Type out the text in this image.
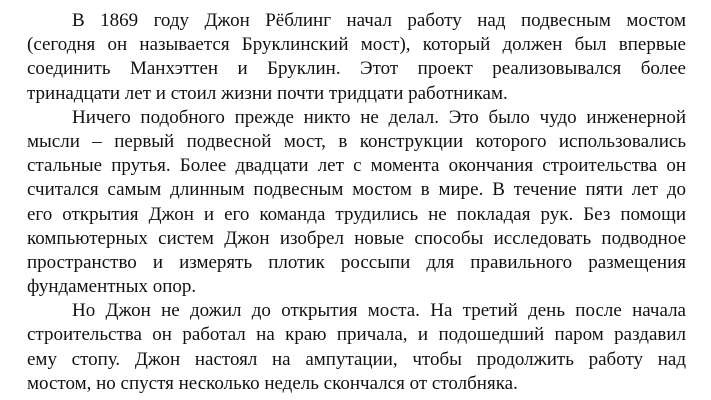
В 1869 году Джон Рёблинг начал работу над подвесным мостом
(сегодня он называется Бруклинский мост), который должен был впервые
соединить Манхэттен и Бруклин. Этот проект реализовывался более
тринадцати лет и стоил жизни почти тридцати работникам.
Ничего подобного прежде никто не делал. Это было чудо инженерной
мысли – первый подвесной мост, в конструкции которого использовались
стальные прутья. Более двадцати лет с момента окончания строительства он
считался самым длинным подвесным мостом в мире. В течение пяти лет до
его открытия Джон и его команда трудились не покладая рук. Без помощи
компьютерных систем Джон изобрел новые способы исследовать подводное
пространство и измерять плотик россыпи для правильного размещения
фундаментных опор.
Но Джон не дожил до открытия моста. На третий день после начала
строительства он работал на краю причала, и подошедший паром раздавил
ему стопу. Джон настоял на ампутации, чтобы продолжить работу над
мостом, но спустя несколько недель скончался от столбняка.
